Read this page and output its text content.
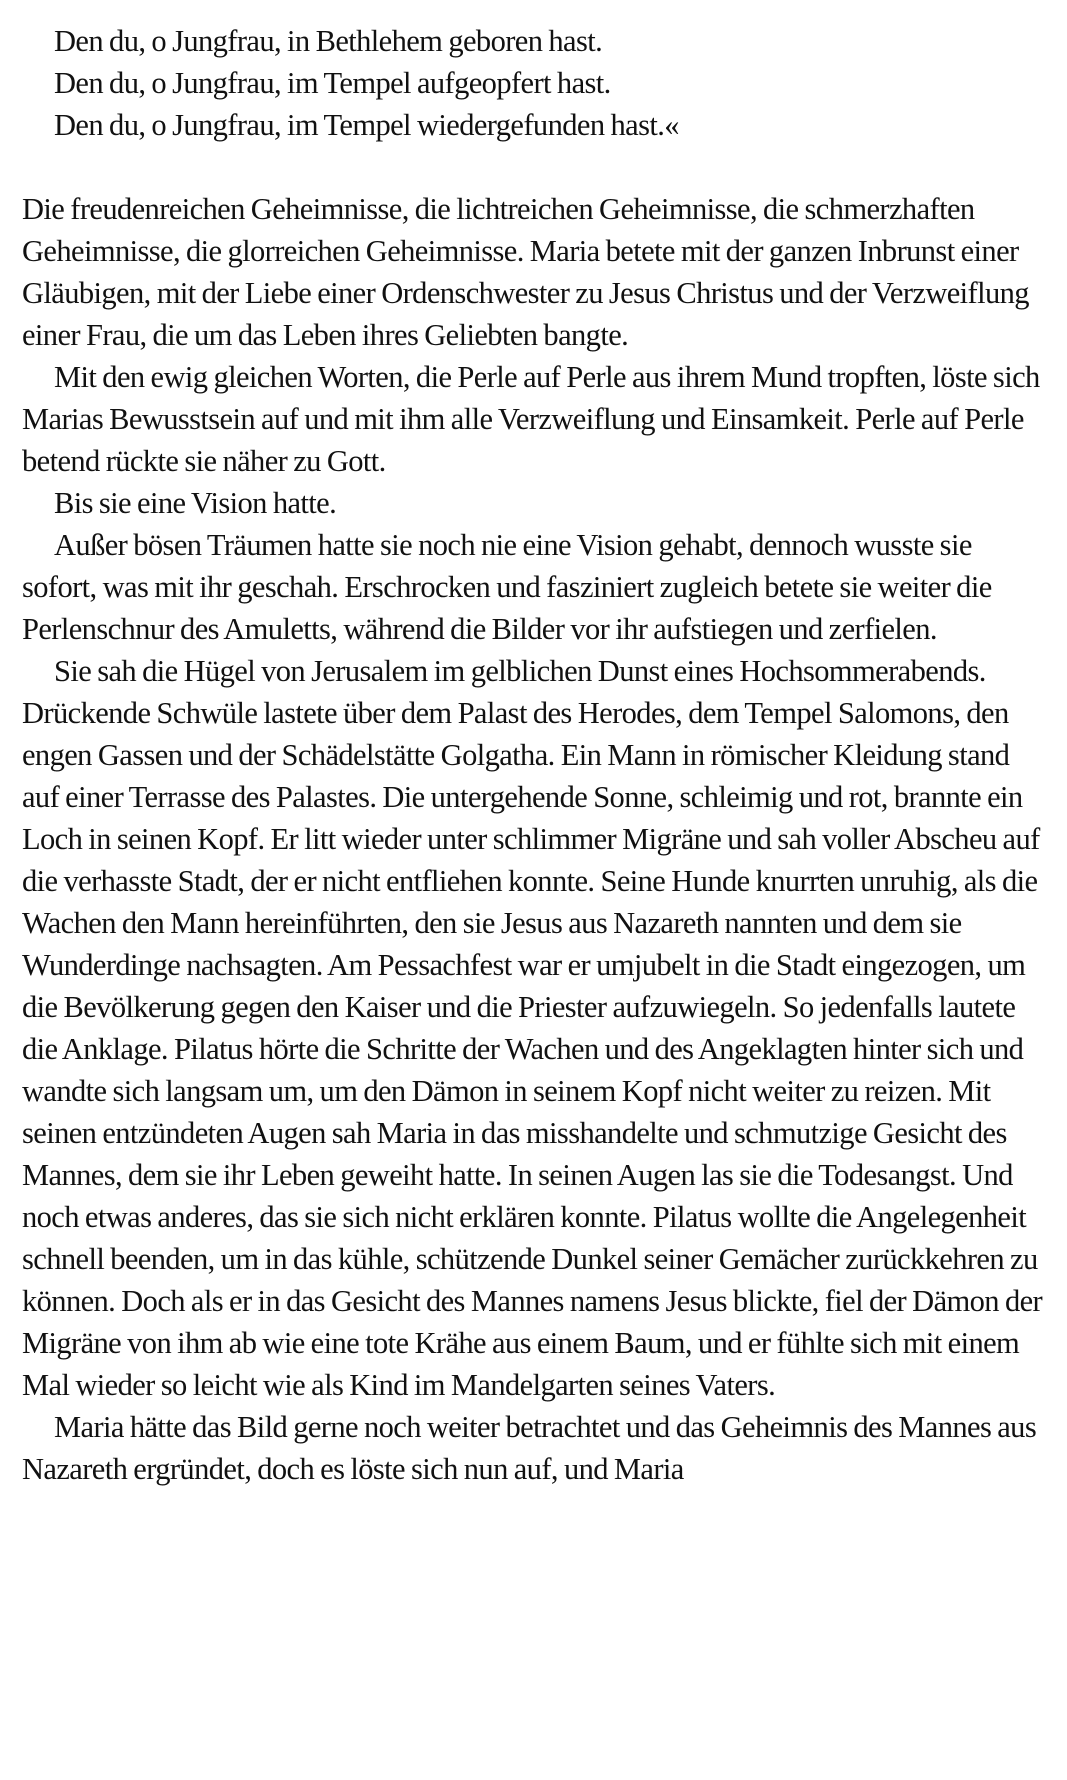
Den du, o Jungfrau, in Bethlehem geboren hast.

Den du, o Jungfrau, im Tempel aufgeopfert hast.

Den du, o Jungfrau, im Tempel wiedergefunden hast.«

Die freudenreichen Geheimnisse, die lichtreichen Geheimnisse, die schmerzhaften Geheimnisse, die glorreichen Geheimnisse. Maria betete mit der ganzen Inbrunst einer Gläubigen, mit der Liebe einer Ordenschwester zu Jesus Christus und der Verzweiflung einer Frau, die um das Leben ihres Geliebten bangte.

Mit den ewig gleichen Worten, die Perle auf Perle aus ihrem Mund tropften, löste sich Marias Bewusstsein auf und mit ihm alle Verzweiflung und Einsamkeit. Perle auf Perle betend rückte sie näher zu Gott.

Bis sie eine Vision hatte.

Außer bösen Träumen hatte sie noch nie eine Vision gehabt, dennoch wusste sie sofort, was mit ihr geschah. Erschrocken und fasziniert zugleich betete sie weiter die Perlenschnur des Amuletts, während die Bilder vor ihr aufstiegen und zerfielen.

Sie sah die Hügel von Jerusalem im gelblichen Dunst eines Hochsommerabends. Drückende Schwüle lastete über dem Palast des Herodes, dem Tempel Salomons, den engen Gassen und der Schädelstätte Golgatha. Ein Mann in römischer Kleidung stand auf einer Terrasse des Palastes. Die untergehende Sonne, schleimig und rot, brannte ein Loch in seinen Kopf. Er litt wieder unter schlimmer Migräne und sah voller Abscheu auf die verhasste Stadt, der er nicht entfliehen konnte. Seine Hunde knurrten unruhig, als die Wachen den Mann hereinführten, den sie Jesus aus Nazareth nannten und dem sie Wunderdinge nachsagten. Am Pessachfest war er umjubelt in die Stadt eingezogen, um die Bevölkerung gegen den Kaiser und die Priester aufzuwiegeln. So jedenfalls lautete die Anklage. Pilatus hörte die Schritte der Wachen und des Angeklagten hinter sich und wandte sich langsam um, um den Dämon in seinem Kopf nicht weiter zu reizen. Mit seinen entzündeten Augen sah Maria in das misshandelte und schmutzige Gesicht des Mannes, dem sie ihr Leben geweiht hatte. In seinen Augen las sie die Todesangst. Und noch etwas anderes, das sie sich nicht erklären konnte. Pilatus wollte die Angelegenheit schnell beenden, um in das kühle, schützende Dunkel seiner Gemächer zurückkehren zu können. Doch als er in das Gesicht des Mannes namens Jesus blickte, fiel der Dämon der Migräne von ihm ab wie eine tote Krähe aus einem Baum, und er fühlte sich mit einem Mal wieder so leicht wie als Kind im Mandelgarten seines Vaters.

Maria hätte das Bild gerne noch weiter betrachtet und das Geheimnis des Mannes aus Nazareth ergründet, doch es löste sich nun auf, und Maria
